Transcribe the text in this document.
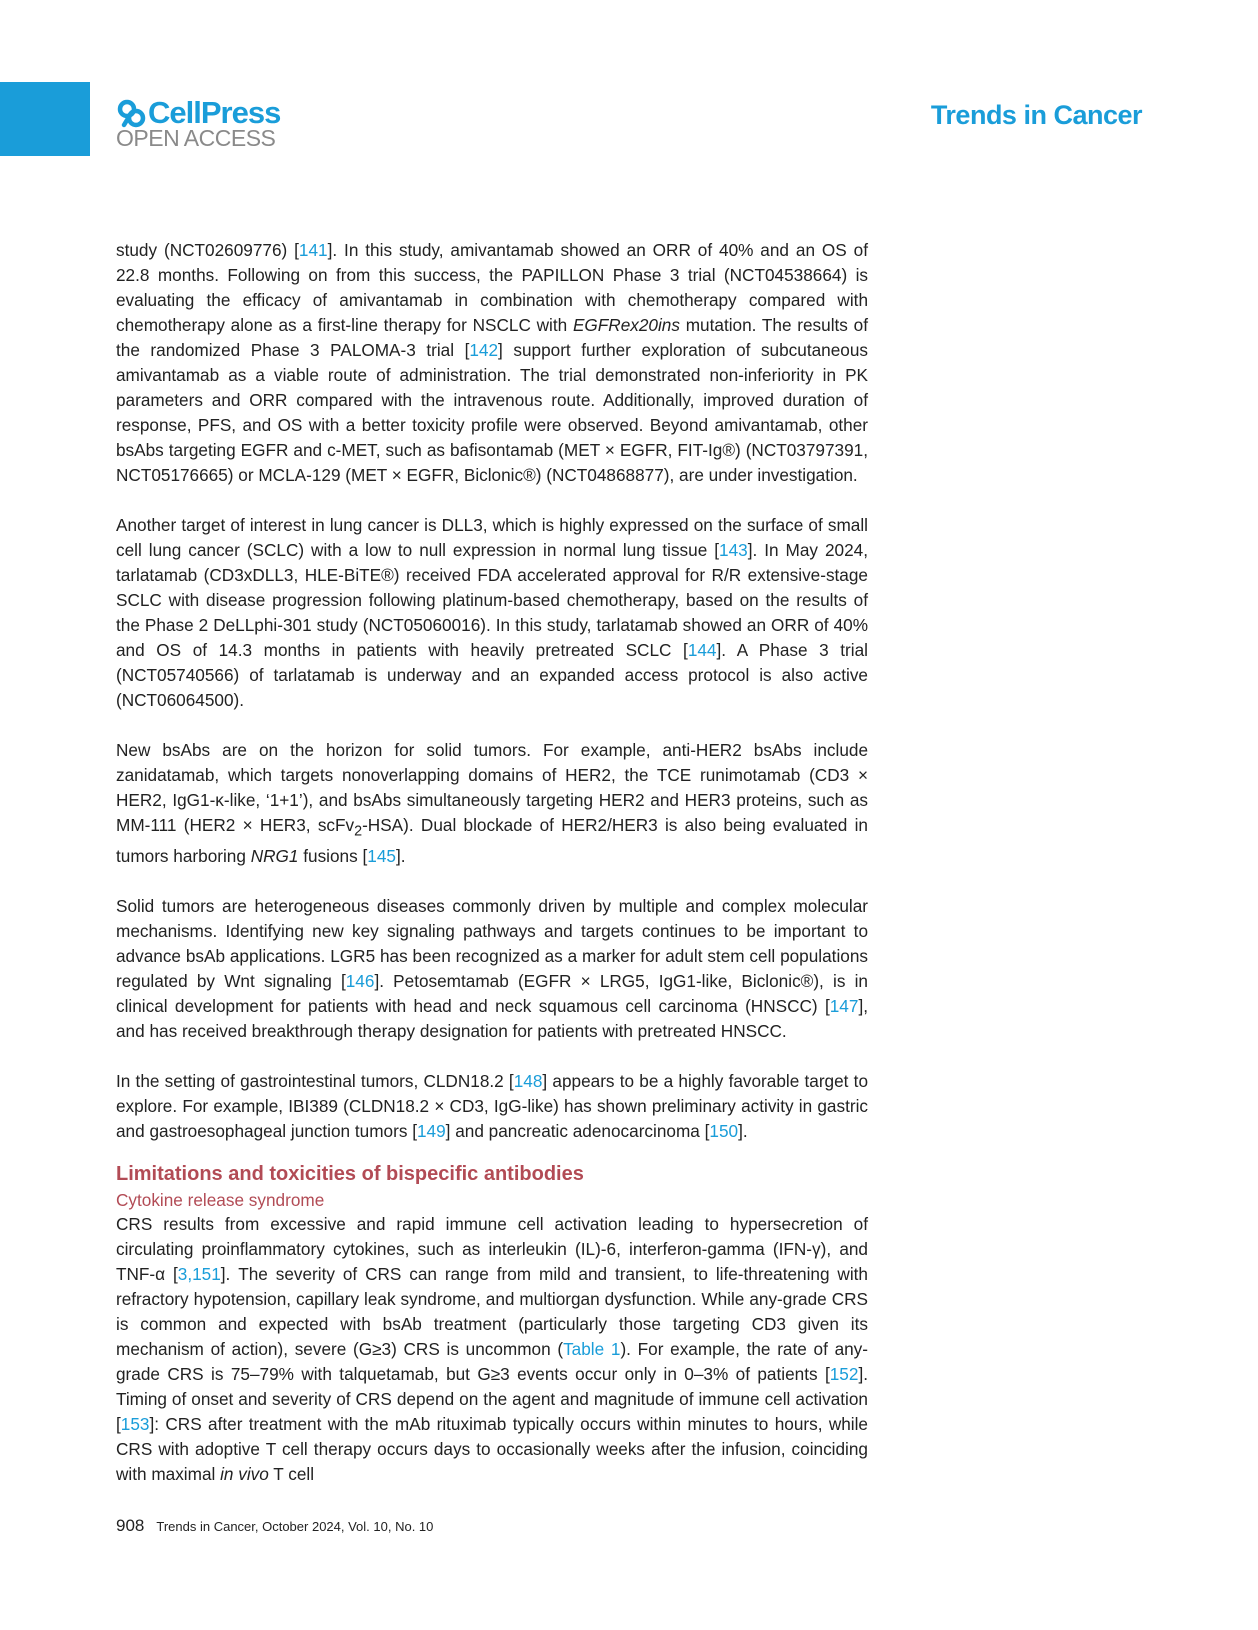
CellPress
OPEN ACCESS
Trends in Cancer

study (NCT02609776) [141]. In this study, amivantamab showed an ORR of 40% and an OS of 22.8 months. Following on from this success, the PAPILLON Phase 3 trial (NCT04538664) is evaluating the efficacy of amivantamab in combination with chemotherapy compared with chemotherapy alone as a first-line therapy for NSCLC with EGFRex20ins mutation. The results of the randomized Phase 3 PALOMA-3 trial [142] support further exploration of subcutaneous amivantamab as a viable route of administration. The trial demonstrated non-inferiority in PK parameters and ORR compared with the intravenous route. Additionally, improved duration of response, PFS, and OS with a better toxicity profile were observed. Beyond amivantamab, other bsAbs targeting EGFR and c-MET, such as bafisontamab (MET × EGFR, FIT-Ig®) (NCT03797391, NCT05176665) or MCLA-129 (MET × EGFR, Biclonic®) (NCT04868877), are under investigation.

Another target of interest in lung cancer is DLL3, which is highly expressed on the surface of small cell lung cancer (SCLC) with a low to null expression in normal lung tissue [143]. In May 2024, tarlatamab (CD3xDLL3, HLE-BiTE®) received FDA accelerated approval for R/R extensive-stage SCLC with disease progression following platinum-based chemotherapy, based on the results of the Phase 2 DeLLphi-301 study (NCT05060016). In this study, tarlatamab showed an ORR of 40% and OS of 14.3 months in patients with heavily pretreated SCLC [144]. A Phase 3 trial (NCT05740566) of tarlatamab is underway and an expanded access protocol is also active (NCT06064500).

New bsAbs are on the horizon for solid tumors. For example, anti-HER2 bsAbs include zanidatamab, which targets nonoverlapping domains of HER2, the TCE runimotamab (CD3 × HER2, IgG1-κ-like, ‘1+1’), and bsAbs simultaneously targeting HER2 and HER3 proteins, such as MM-111 (HER2 × HER3, scFv$_2$-HSA). Dual blockade of HER2/HER3 is also being evaluated in tumors harboring NRG1 fusions [145].

Solid tumors are heterogeneous diseases commonly driven by multiple and complex molecular mechanisms. Identifying new key signaling pathways and targets continues to be important to advance bsAb applications. LGR5 has been recognized as a marker for adult stem cell populations regulated by Wnt signaling [146]. Petosemtamab (EGFR × LRG5, IgG1-like, Biclonic®), is in clinical development for patients with head and neck squamous cell carcinoma (HNSCC) [147], and has received breakthrough therapy designation for patients with pretreated HNSCC.

In the setting of gastrointestinal tumors, CLDN18.2 [148] appears to be a highly favorable target to explore. For example, IBI389 (CLDN18.2 × CD3, IgG-like) has shown preliminary activity in gastric and gastroesophageal junction tumors [149] and pancreatic adenocarcinoma [150].

Limitations and toxicities of bispecific antibodies
Cytokine release syndrome

CRS results from excessive and rapid immune cell activation leading to hypersecretion of circulating proinflammatory cytokines, such as interleukin (IL)-6, interferon-gamma (IFN-γ), and TNF-α [3,151]. The severity of CRS can range from mild and transient, to life-threatening with refractory hypotension, capillary leak syndrome, and multiorgan dysfunction. While any-grade CRS is common and expected with bsAb treatment (particularly those targeting CD3 given its mechanism of action), severe (G≥3) CRS is uncommon (Table 1). For example, the rate of any-grade CRS is 75–79% with talquetamab, but G≥3 events occur only in 0–3% of patients [152]. Timing of onset and severity of CRS depend on the agent and magnitude of immune cell activation [153]: CRS after treatment with the mAb rituximab typically occurs within minutes to hours, while CRS with adoptive T cell therapy occurs days to occasionally weeks after the infusion, coinciding with maximal in vivo T cell

908 Trends in Cancer, October 2024, Vol. 10, No. 10
